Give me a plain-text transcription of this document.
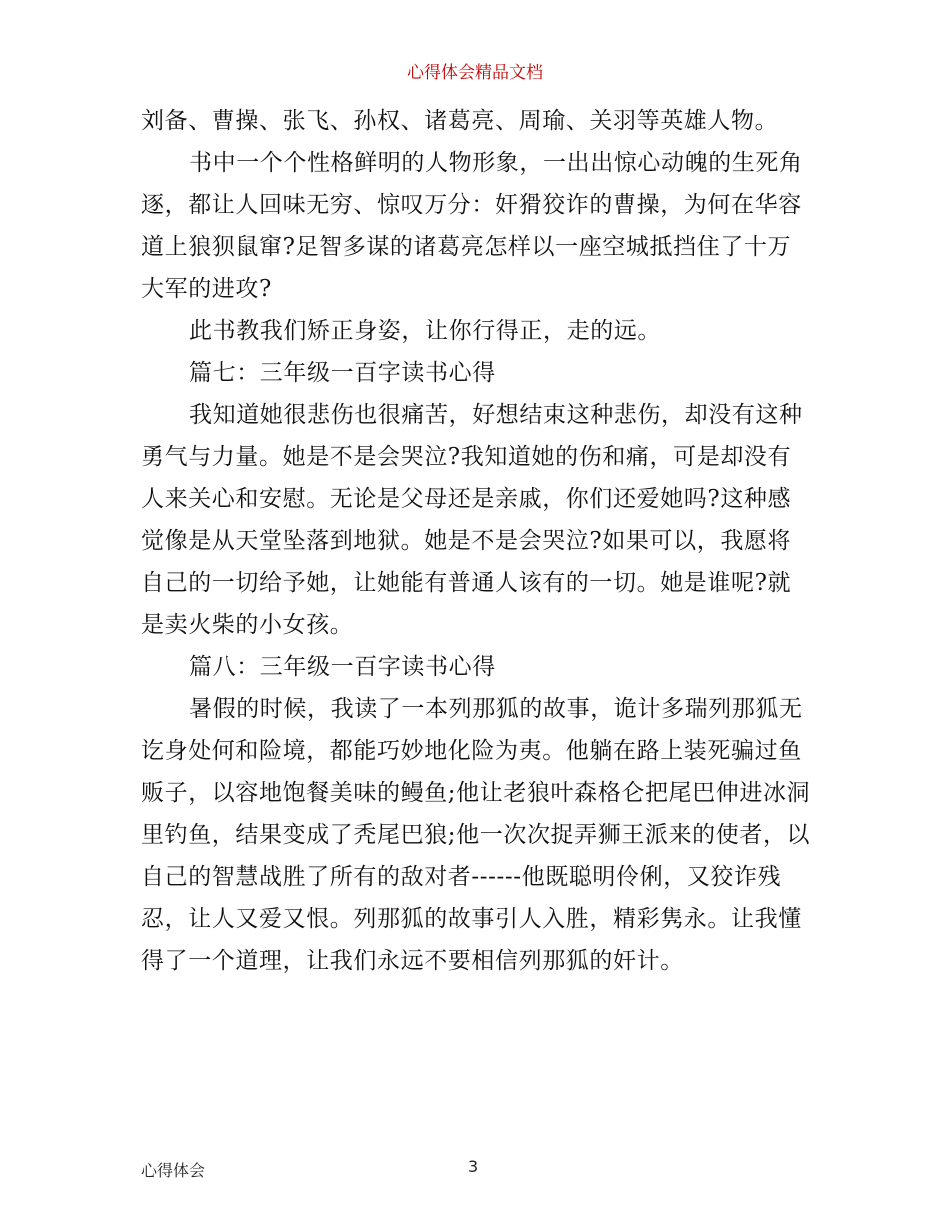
心得体会精品文档

刘备、曹操、张飞、孙权、诸葛亮、周瑜、关羽等英雄人物。

书中一个个性格鲜明的人物形象，一出出惊心动魄的生死角逐，都让人回味无穷、惊叹万分：奸猾狡诈的曹操，为何在华容道上狼狈鼠窜?足智多谋的诸葛亮怎样以一座空城抵挡住了十万大军的进攻?

此书教我们矫正身姿，让你行得正，走的远。

篇七：三年级一百字读书心得

我知道她很悲伤也很痛苦，好想结束这种悲伤，却没有这种勇气与力量。她是不是会哭泣?我知道她的伤和痛，可是却没有人来关心和安慰。无论是父母还是亲戚，你们还爱她吗?这种感觉像是从天堂坠落到地狱。她是不是会哭泣?如果可以，我愿将自己的一切给予她，让她能有普通人该有的一切。她是谁呢?就是卖火柴的小女孩。

篇八：三年级一百字读书心得

暑假的时候，我读了一本列那狐的故事，诡计多瑞列那狐无讫身处何和险境，都能巧妙地化险为夷。他躺在路上装死骗过鱼贩子，以容地饱餐美味的鳗鱼;他让老狼叶森格仑把尾巴伸进冰洞里钓鱼，结果变成了秃尾巴狼;他一次次捉弄狮王派来的使者，以自己的智慧战胜了所有的敌对者------他既聪明伶俐，又狡诈残忍，让人又爱又恨。列那狐的故事引人入胜，精彩隽永。让我懂得了一个道理，让我们永远不要相信列那狐的奸计。

心得体会	3
